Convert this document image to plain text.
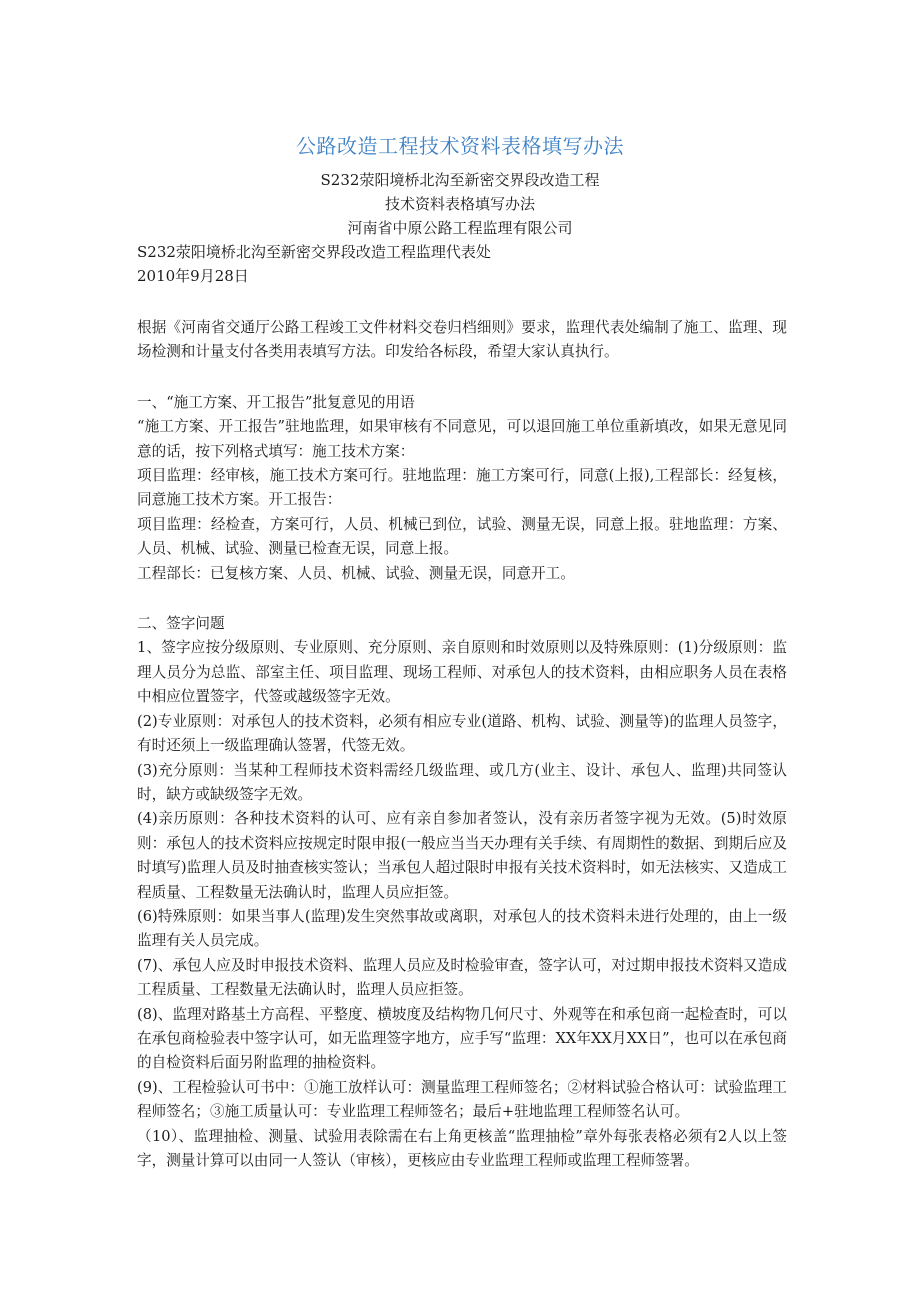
公路改造工程技术资料表格填写办法
S232荥阳境桥北沟至新密交界段改造工程
技术资料表格填写办法
河南省中原公路工程监理有限公司
S232荥阳境桥北沟至新密交界段改造工程监理代表处
2010年9月28日

根据《河南省交通厅公路工程竣工文件材料交卷归档细则》要求，监理代表处编制了施工、监理、现场检测和计量支付各类用表填写方法。印发给各标段，希望大家认真执行。

一、“施工方案、开工报告”批复意见的用语

“施工方案、开工报告”驻地监理，如果审核有不同意见，可以退回施工单位重新填改，如果无意见同意的话，按下列格式填写：施工技术方案：

项目监理：经审核，施工技术方案可行。驻地监理：施工方案可行，同意(上报),工程部长：经复核，同意施工技术方案。开工报告：

项目监理：经检查，方案可行，人员、机械已到位，试验、测量无误，同意上报。驻地监理：方案、人员、机械、试验、测量已检查无误，同意上报。

工程部长：已复核方案、人员、机械、试验、测量无误，同意开工。

二、签字问题

1、签字应按分级原则、专业原则、充分原则、亲自原则和时效原则以及特殊原则：(1)分级原则：监理人员分为总监、部室主任、项目监理、现场工程师、对承包人的技术资料，由相应职务人员在表格中相应位置签字，代签或越级签字无效。

(2)专业原则：对承包人的技术资料，必须有相应专业(道路、机构、试验、测量等)的监理人员签字，有时还须上一级监理确认签署，代签无效。

(3)充分原则：当某种工程师技术资料需经几级监理、或几方(业主、设计、承包人、监理)共同签认时，缺方或缺级签字无效。

(4)亲历原则：各种技术资料的认可、应有亲自参加者签认，没有亲历者签字视为无效。(5)时效原则：承包人的技术资料应按规定时限申报(一般应当当天办理有关手续、有周期性的数据、到期后应及时填写)监理人员及时抽查核实签认；当承包人超过限时申报有关技术资料时，如无法核实、又造成工程质量、工程数量无法确认时，监理人员应拒签。

(6)特殊原则：如果当事人(监理)发生突然事故或离职，对承包人的技术资料未进行处理的，由上一级监理有关人员完成。

(7)、承包人应及时申报技术资料、监理人员应及时检验审查，签字认可，对过期申报技术资料又造成工程质量、工程数量无法确认时，监理人员应拒签。

(8)、监理对路基土方高程、平整度、横坡度及结构物几何尺寸、外观等在和承包商一起检查时，可以在承包商检验表中签字认可，如无监理签字地方，应手写“监理：XX年XX月XX日”，也可以在承包商的自检资料后面另附监理的抽检资料。

(9)、工程检验认可书中：①施工放样认可：测量监理工程师签名；②材料试验合格认可：试验监理工程师签名；③施工质量认可：专业监理工程师签名；最后+驻地监理工程师签名认可。

（10）、监理抽检、测量、试验用表除需在右上角更核盖“监理抽检”章外每张表格必须有2人以上签字，测量计算可以由同一人签认（审核），更核应由专业监理工程师或监理工程师签署。
